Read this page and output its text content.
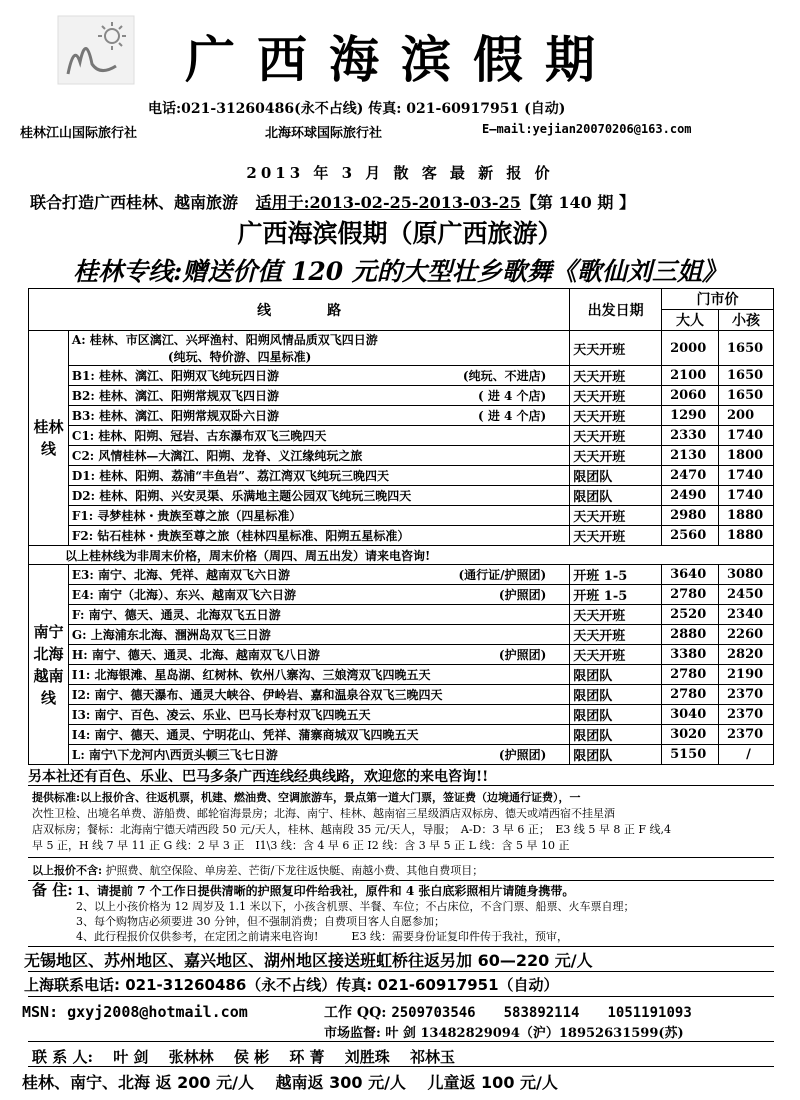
广西海滨假期
电话:021-31260486(永不占线) 传真: 021-60917951 (自动)
桂林江山国际旅行社	北海环球国际旅行社	E—mail:yejian20070206@163.com
2013 年 3 月 散 客 最 新 报 价
联合打造广西桂林、越南旅游 适用于:2013-02-25-2013-03-25【第 140 期 】
广西海滨假期（原广西旅游）
桂林专线:赠送价值 120 元的大型壮乡歌舞《歌仙刘三姐》
线　　　　路		出发日期	门市价	
			大人	小孩
桂林线	A: 桂林、市区漓江、兴坪渔村、阳朔风情品质双飞四日游
(纯玩、特价游、四星标准)	天天开班	2000	1650

	B1: 桂林、漓江、阳朔双飞纯玩四日游 (纯玩、不进店)	天天开班	2100	1650

	B2: 桂林、漓江、阳朔常规双飞四日游 ( 进 4 个店)	天天开班	2060	1650

	B3: 桂林、漓江、阳朔常规双卧六日游 ( 进 4 个店)	天天开班	1290	200

	C1: 桂林、阳朔、冠岩、古东瀑布双飞三晚四天	天天开班	2330	1740

	C2: 风情桂林—大漓江、阳朔、龙脊、义江缘纯玩之旅	天天开班	2130	1800

	D1: 桂林、阳朔、荔浦“丰鱼岩”、荔江湾双飞纯玩三晚四天	限团队	2470	1740

	D2: 桂林、阳朔、兴安灵渠、乐满地主题公园双飞纯玩三晚四天	限团队	2490	1740

	F1: 寻梦桂林・贵族至尊之旅（四星标准）	天天开班	2980	1880

	F2: 钻石桂林・贵族至尊之旅（桂林四星标准、阳朔五星标准）	天天开班	2560	1880
以上桂林线为非周末价格，周末价格（周四、周五出发）请来电咨询!				
南宁北海越南线	E3: 南宁、北海、凭祥、越南双飞六日游 (通行证/护照团)	开班 1-5	3640	3080

	E4: 南宁（北海）、东兴、越南双飞六日游 (护照团)	开班 1-5	2780	2450

	F: 南宁、德天、通灵、北海双飞五日游	天天开班	2520	2340

	G: 上海浦东北海、涠洲岛双飞三日游	天天开班	2880	2260

	H: 南宁、德天、通灵、北海、越南双飞八日游 (护照团)	天天开班	3380	2820

	I1: 北海银滩、星岛湖、红树林、钦州八寨沟、三娘湾双飞四晚五天	限团队	2780	2190

	I2: 南宁、德天瀑布、通灵大峡谷、伊岭岩、嘉和温泉谷双飞三晚四天	限团队	2780	2370

	I3: 南宁、百色、凌云、乐业、巴马长寿村双飞四晚五天	限团队	3040	2370

	I4: 南宁、德天、通灵、宁明花山、凭祥、蒲寨商城双飞四晚五天	限团队	3020	2370

	L: 南宁\下龙河内\西贡头顿三飞七日游 (护照团)	限团队	5150	/
另本社还有百色、乐业、巴马多条广西连线经典线路，欢迎您的来电咨询!!
提供标准:以上报价含、往返机票，机建、燃油费、空调旅游车，景点第一道大门票，签证费（边境通行证费），一
次性卫检、出境名单费、游船费、邮轮宿海景房；北海、南宁、桂林、越南宿三星级酒店双标房、德天或靖西宿不挂星酒
店双标房；餐标：北海南宁德天靖西段 50 元/天人，桂林、越南段 35 元/天人，导服；　A-D：3 早 6 正；　E3 线 5 早 8 正 F 线,4
早 5 正，H 线 7 早 11 正 G 线：2 早 3 正　I1\3 线：含 4 早 6 正 I2 线：含 3 早 5 正 L 线：含 5 早 10 正
以上报价不含: 护照费、航空保险、单房差、芒街/下龙往返快艇、南越小费、其他自费项目；
备 住: 1、请提前 7 个工作日提供清晰的护照复印件给我社，原件和 4 张白底彩照相片请随身携带。
2、以上小孩价格为 12 周岁及 1.1 米以下，小孩含机票、半餐、车位；不占床位，不含门票、船票、火车票自理；
3、每个购物店必须要进 30 分钟，但不强制消费；自费项目客人自愿参加；
4、此行程报价仅供参考，在定团之前请来电咨询!　　　E3 线：需要身份证复印件传于我社，预审，
无锡地区、苏州地区、嘉兴地区、湖州地区接送班虹桥往返另加 60—220 元/人
上海联系电话: 021-31260486（永不占线）传真: 021-60917951（自动）
MSN: gxyj2008@hotmail.com	工作 QQ: 2509703546　　583892114　　1051191093
市场监督: 叶 剑 13482829094（沪）18952631599(苏)
联 系 人:　 叶 剑　 张林林　 侯 彬　 环 菁　 刘胜珠　 祁林玉
桂林、南宁、北海 返 200 元/人　 越南返 300 元/人　 儿童返 100 元/人
